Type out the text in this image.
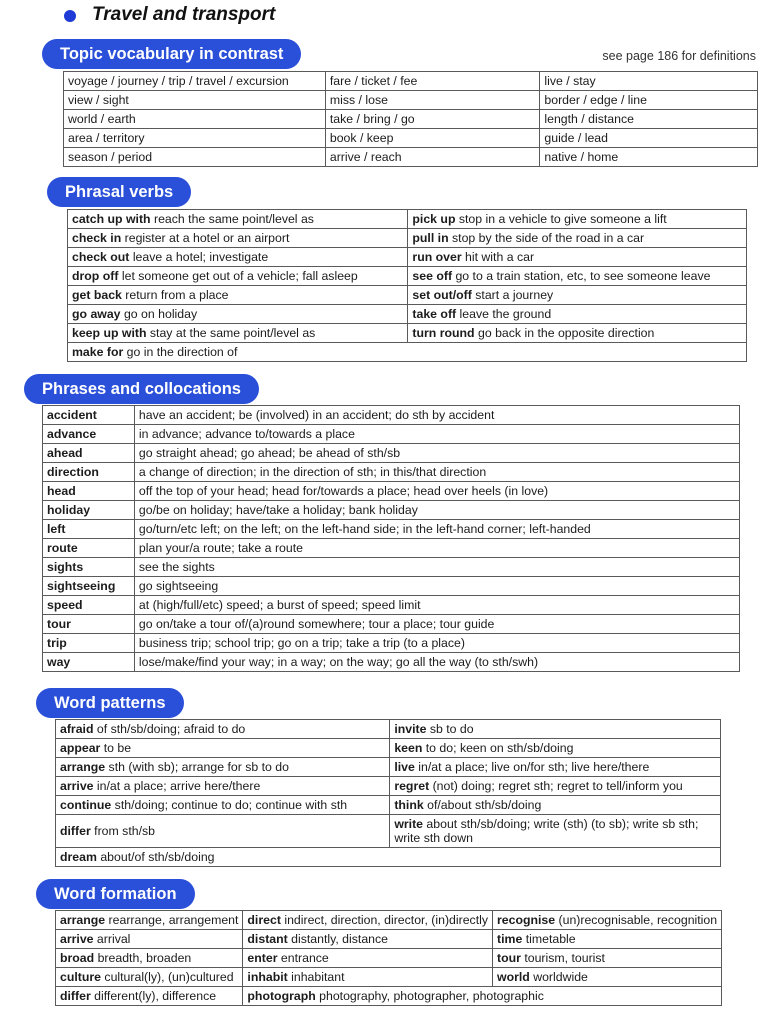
Travel and transport
Topic vocabulary in contrast	see page 186 for definitions
voyage / journey / trip / travel / excursion	fare / ticket / fee	live / stay
view / sight	miss / lose	border / edge / line
world / earth	take / bring / go	length / distance
area / territory	book / keep	guide / lead
season / period	arrive / reach	native / home
Phrasal verbs
catch up with reach the same point/level as	pick up stop in a vehicle to give someone a lift
check in register at a hotel or an airport	pull in stop by the side of the road in a car
check out leave a hotel; investigate	run over hit with a car
drop off let someone get out of a vehicle; fall asleep	see off go to a train station, etc, to see someone leave
get back return from a place	set out/off start a journey
go away go on holiday	take off leave the ground
keep up with stay at the same point/level as	turn round go back in the opposite direction
make for go in the direction of	
Phrases and collocations
accident	have an accident; be (involved) in an accident; do sth by accident
advance	in advance; advance to/towards a place
ahead	go straight ahead; go ahead; be ahead of sth/sb
direction	a change of direction; in the direction of sth; in this/that direction
head	off the top of your head; head for/towards a place; head over heels (in love)
holiday	go/be on holiday; have/take a holiday; bank holiday
left	go/turn/etc left; on the left; on the left-hand side; in the left-hand corner; left-handed
route	plan your/a route; take a route
sights	see the sights
sightseeing	go sightseeing
speed	at (high/full/etc) speed; a burst of speed; speed limit
tour	go on/take a tour of/(a)round somewhere; tour a place; tour guide
trip	business trip; school trip; go on a trip; take a trip (to a place)
way	lose/make/find your way; in a way; on the way; go all the way (to sth/swh)
Word patterns
afraid of sth/sb/doing; afraid to do	invite sb to do
appear to be	keen to do; keen on sth/sb/doing
arrange sth (with sb); arrange for sb to do	live in/at a place; live on/for sth; live here/there
arrive in/at a place; arrive here/there	regret (not) doing; regret sth; regret to tell/inform you
continue sth/doing; continue to do; continue with sth	think of/about sth/sb/doing
differ from sth/sb	write about sth/sb/doing; write (sth) (to sb); write sb sth;
write sth down
dream about/of sth/sb/doing	
Word formation
arrange rearrange, arrangement	direct indirect, direction, director, (in)directly	recognise (un)recognisable, recognition
arrive arrival	distant distantly, distance	time timetable
broad breadth, broaden	enter entrance	tour tourism, tourist
culture cultural(ly), (un)cultured	inhabit inhabitant	world worldwide
differ different(ly), difference	photograph photography, photographer, photographic	
